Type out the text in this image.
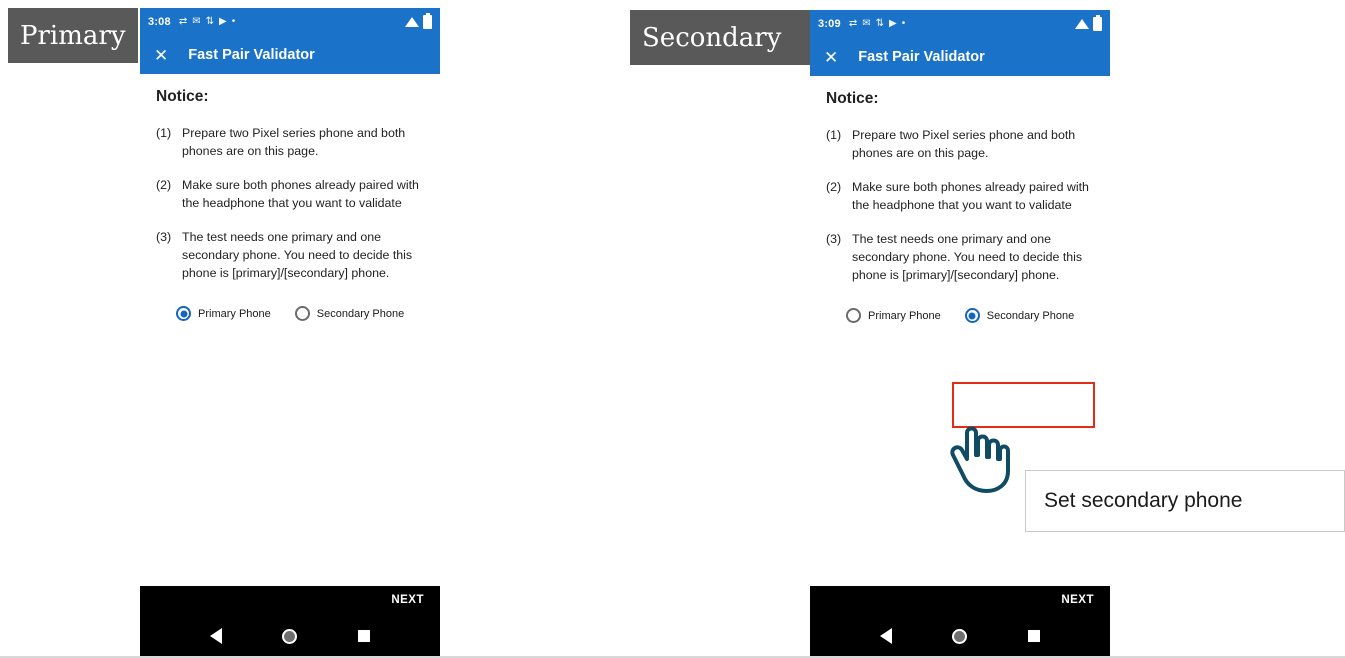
3:08 ⇄ ✉ ⇅ ▶ •
✕ Fast Pair Validator
Notice:
(1) Prepare two Pixel series phone and both phones are on this page.
(2) Make sure both phones already paired with the headphone that you want to validate
(3) The test needs one primary and one secondary phone. You need to decide this phone is [primary]/[secondary] phone.
Primary Phone	Secondary Phone
NEXT
3:09 ⇄ ✉ ⇅ ▶ •
✕ Fast Pair Validator
Notice:
(1) Prepare two Pixel series phone and both phones are on this page.
(2) Make sure both phones already paired with the headphone that you want to validate
(3) The test needs one primary and one secondary phone. You need to decide this phone is [primary]/[secondary] phone.
Primary Phone	Secondary Phone
NEXT
Primary	Secondary
Set secondary phone
